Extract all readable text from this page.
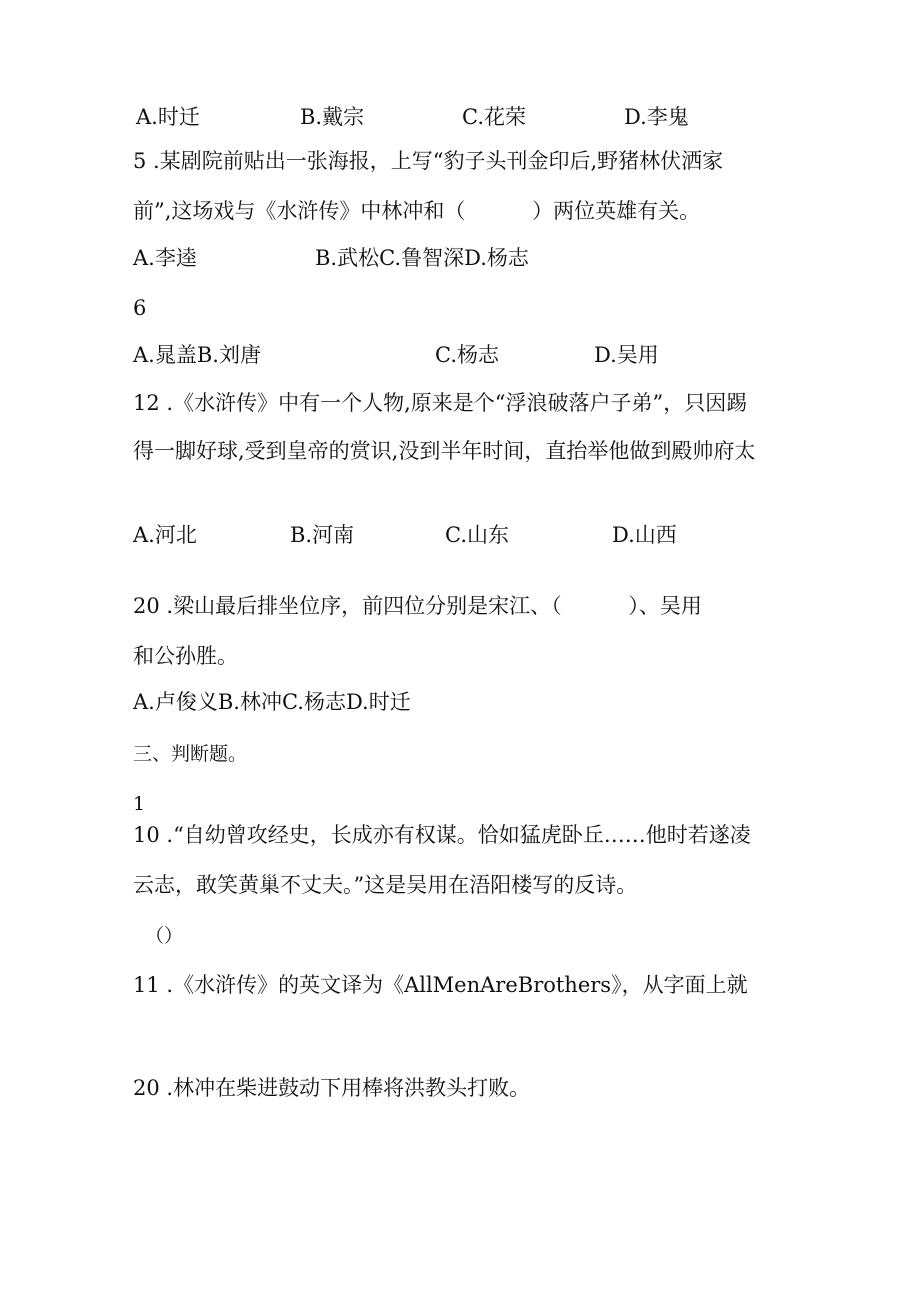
A.时迁	B.戴宗	C.花荣	D.李鬼
5 .某剧院前贴出一张海报，上写“豹子头刊金印后,野猪林伏洒家
前”,这场戏与《水浒传》中林冲和（          ）两位英雄有关。
A.李逵	B.武松C.鲁智深D.杨志
6
A.晁盖B.刘唐	C.杨志	D.吴用
12 .《水浒传》中有一个人物,原来是个“浮浪破落户子弟”，只因踢
得一脚好球,受到皇帝的赏识,没到半年时间，直抬举他做到殿帅府太
A.河北	B.河南	C.山东	D.山西
20 .梁山最后排坐位序，前四位分别是宋江、（          ）、吴用
和公孙胜。
A.卢俊义B.林冲C.杨志D.时迁
三、判断题。
1
10 .“自幼曾攻经史，长成亦有权谋。恰如猛虎卧丘……他时若遂凌
云志，敢笑黄巢不丈夫。”这是吴用在浯阳楼写的反诗。
（）
11 .《水浒传》的英文译为《AllMenAreBrothers》，从字面上就
20 .林冲在柴进鼓动下用棒将洪教头打败。
